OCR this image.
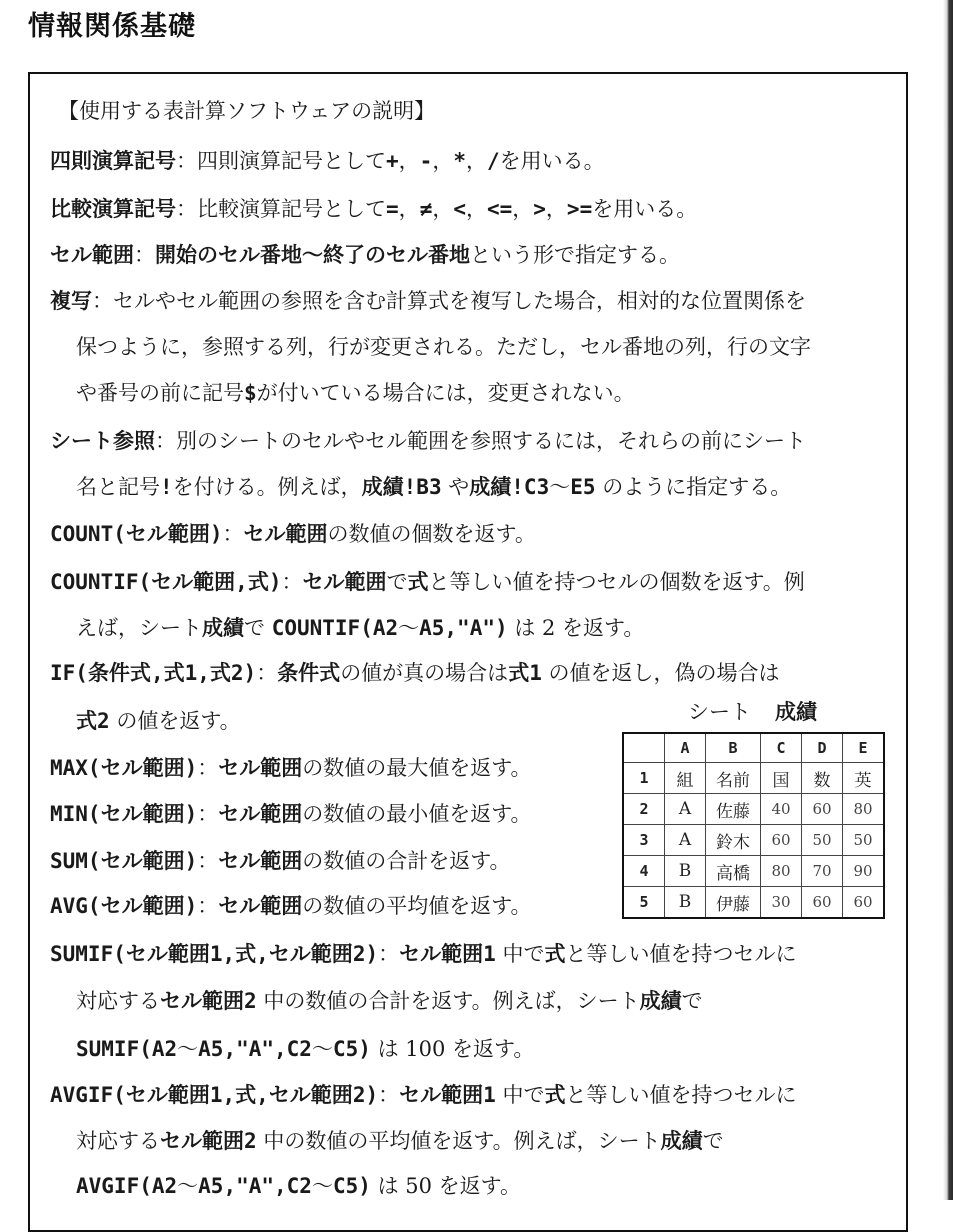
情報関係基礎
【使用する表計算ソフトウェアの説明】
四則演算記号：四則演算記号として+，-，*，/を用いる。
比較演算記号：比較演算記号として=，≠，<，<=，>，>=を用いる。
セル範囲：開始のセル番地〜終了のセル番地という形で指定する。
複写：セルやセル範囲の参照を含む計算式を複写した場合，相対的な位置関係を
保つように，参照する列，行が変更される。ただし，セル番地の列，行の文字
や番号の前に記号$が付いている場合には，変更されない。
シート参照：別のシートのセルやセル範囲を参照するには，それらの前にシート
名と記号!を付ける。例えば，成績!B3 や成績!C3〜E5 のように指定する。
COUNT(セル範囲)：セル範囲の数値の個数を返す。
COUNTIF(セル範囲,式)：セル範囲で式と等しい値を持つセルの個数を返す。例
えば，シート成績で COUNTIF(A2〜A5,"A") は 2 を返す。
IF(条件式,式1,式2)：条件式の値が真の場合は式1 の値を返し，偽の場合は
式2 の値を返す。
MAX(セル範囲)：セル範囲の数値の最大値を返す。
MIN(セル範囲)：セル範囲の数値の最小値を返す。
SUM(セル範囲)：セル範囲の数値の合計を返す。
AVG(セル範囲)：セル範囲の数値の平均値を返す。
SUMIF(セル範囲1,式,セル範囲2)：セル範囲1 中で式と等しい値を持つセルに
対応するセル範囲2 中の数値の合計を返す。例えば，シート成績で
SUMIF(A2〜A5,"A",C2〜C5) は 100 を返す。
AVGIF(セル範囲1,式,セル範囲2)：セル範囲1 中で式と等しい値を持つセルに
対応するセル範囲2 中の数値の平均値を返す。例えば，シート成績で
AVGIF(A2〜A5,"A",C2〜C5) は 50 を返す。
シート 成績
	A	B	C	D	E
1	組	名前	国	数	英
2	A	佐藤	40	60	80
3	A	鈴木	60	50	50
4	B	高橋	80	70	90
5	B	伊藤	30	60	60
